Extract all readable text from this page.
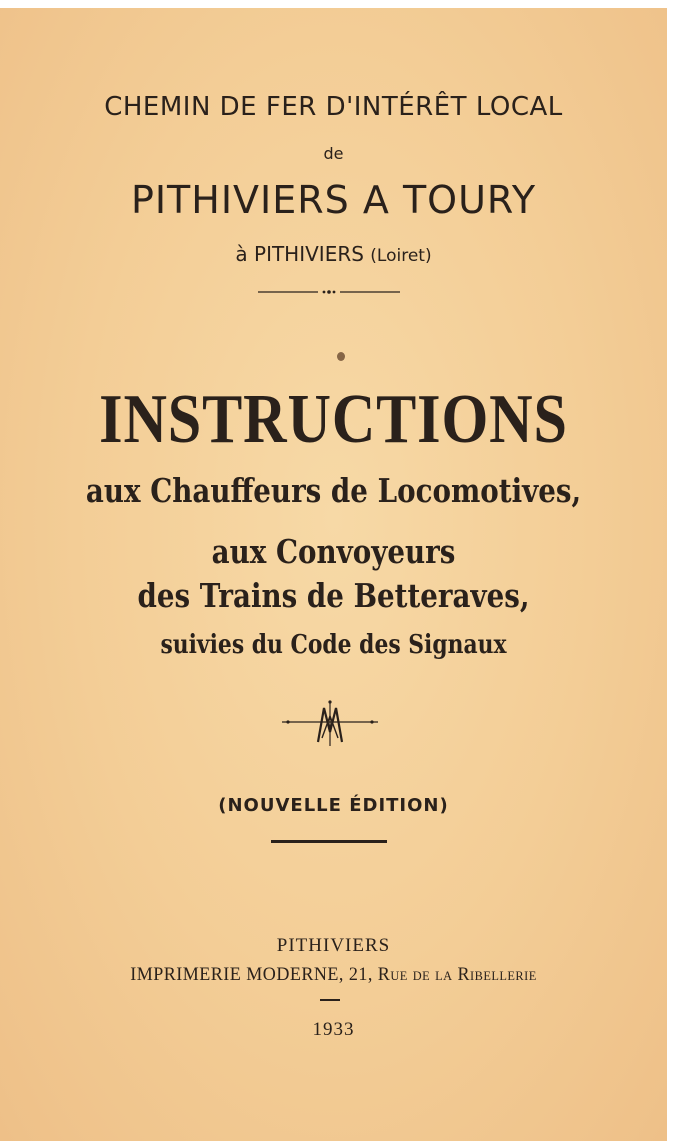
CHEMIN DE FER D'INTÉRÊT LOCAL
de
PITHIVIERS A TOURY
à PITHIVIERS (Loiret)
INSTRUCTIONS
aux Chauffeurs de Locomotives,
aux Convoyeurs
des Trains de Betteraves,
suivies du Code des Signaux
(NOUVELLE ÉDITION)
PITHIVIERS
IMPRIMERIE MODERNE, 21, Rue de la Ribellerie
1933
